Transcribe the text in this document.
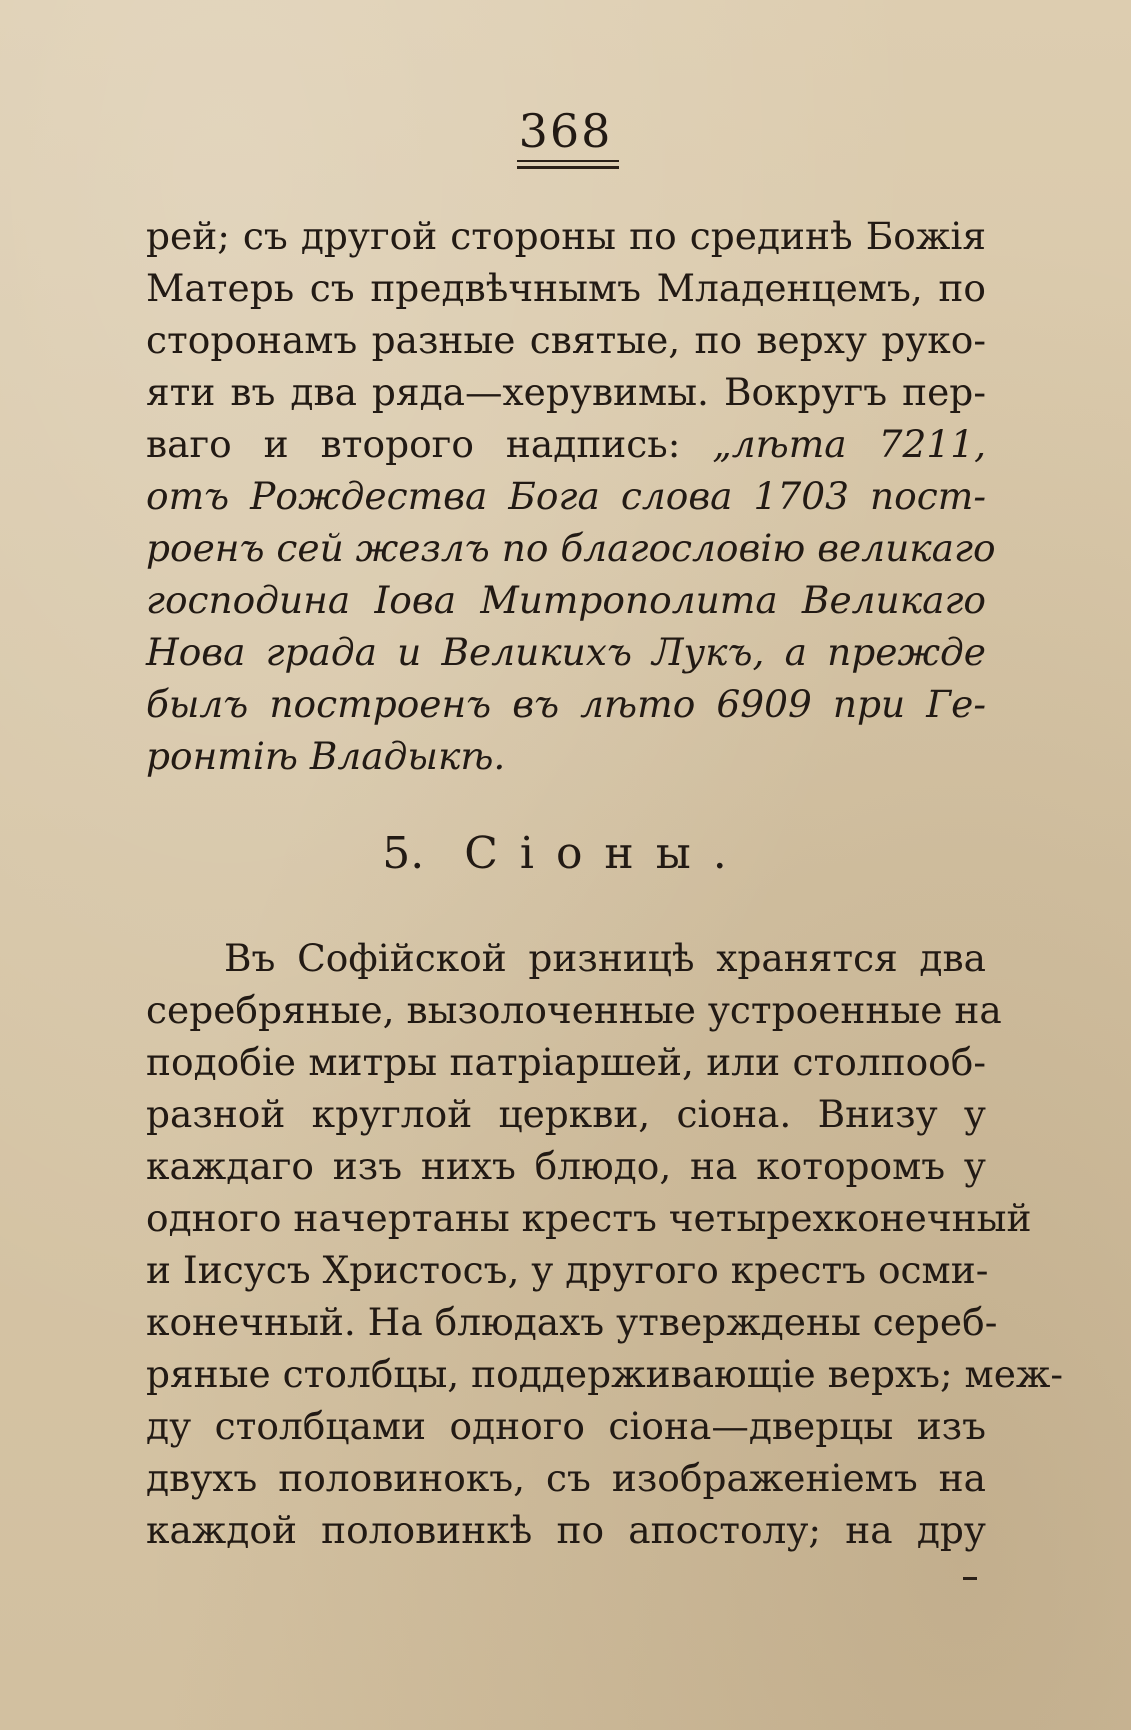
368
рей; съ другой стороны по срединѣ Божія
Матерь съ предвѣчнымъ Младенцемъ, по
сторонамъ разные святые, по верху руко-
яти въ два ряда—херувимы. Вокругъ пер-
ваго и второго надпись: „лѣта 7211,
отъ Рождества Бога слова 1703 пост-
роенъ сей жезлъ по благословію великаго
господина Іова Митрополита Великаго
Нова града и Великихъ Лукъ, а прежде
былъ построенъ въ лѣто 6909 при Ге-
ронтіѣ Владыкѣ.
5. Сіоны.
Въ Софійской ризницѣ хранятся два
серебряные, вызолоченные устроенные на
подобіе митры патріаршей, или столпооб-
разной круглой церкви, сіона. Внизу у
каждаго изъ нихъ блюдо, на которомъ у
одного начертаны крестъ четырехконечный
и Іисусъ Христосъ, у другого крестъ осми-
конечный. На блюдахъ утверждены сереб-
ряные столбцы, поддерживающіе верхъ; меж-
ду столбцами одного сіона—дверцы изъ
двухъ половинокъ, съ изображеніемъ на
каждой половинкѣ по апостолу; на дру
